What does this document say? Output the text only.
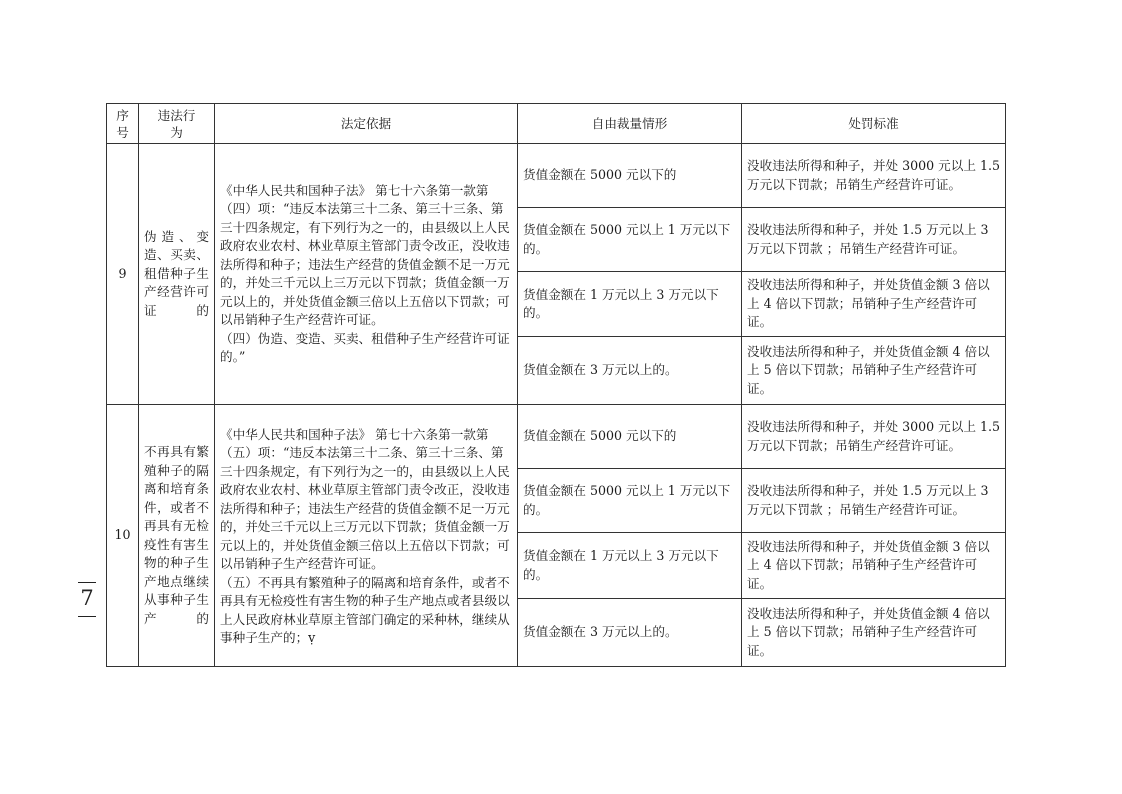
序号	违法行为	法定依据	自由裁量情形	处罚标准
9	伪造、变造、买卖、租借种子生产经营许可证的	《中华人民共和国种子法》 第七十六条第一款第（四）项：“违反本法第三十二条、第三十三条、第三十四条规定，有下列行为之一的，由县级以上人民政府农业农村、林业草原主管部门责令改正，没收违法所得和种子；违法生产经营的货值金额不足一万元的，并处三千元以上三万元以下罚款；货值金额一万元以上的，并处货值金额三倍以上五倍以下罚款；可以吊销种子生产经营许可证。

（四）伪造、变造、买卖、租借种子生产经营许可证的。”	货值金额在 5000 元以下的	没收违法所得和种子，并处 3000 元以上 1.5 万元以下罚款；吊销生产经营许可证。
			货值金额在 5000 元以上 1 万元以下的。	没收违法所得和种子，并处 1.5 万元以上 3 万元以下罚款 ；吊销生产经营许可证。
			货值金额在 1 万元以上 3 万元以下的。	没收违法所得和种子，并处货值金额 3 倍以上 4 倍以下罚款；吊销种子生产经营许可证。
			货值金额在 3 万元以上的。	没收违法所得和种子，并处货值金额 4 倍以上 5 倍以下罚款；吊销种子生产经营许可证。
10	不再具有繁殖种子的隔离和培育条件，或者不再具有无检疫性有害生物的种子生产地点继续从事种子生产的	《中华人民共和国种子法》 第七十六条第一款第（五）项：“违反本法第三十二条、第三十三条、第三十四条规定，有下列行为之一的，由县级以上人民政府农业农村、林业草原主管部门责令改正，没收违法所得和种子；违法生产经营的货值金额不足一万元的，并处三千元以上三万元以下罚款；货值金额一万元以上的，并处货值金额三倍以上五倍以下罚款；可以吊销种子生产经营许可证。

（五）不再具有繁殖种子的隔离和培育条件，或者不再具有无检疫性有害生物的种子生产地点或者县级以上人民政府林业草原主管部门确定的采种林，继续从事种子生产的；ṿ	货值金额在 5000 元以下的	没收违法所得和种子，并处 3000 元以上 1.5 万元以下罚款；吊销生产经营许可证。
			货值金额在 5000 元以上 1 万元以下的。	没收违法所得和种子，并处 1.5 万元以上 3 万元以下罚款 ；吊销生产经营许可证。
			货值金额在 1 万元以上 3 万元以下的。	没收违法所得和种子，并处货值金额 3 倍以上 4 倍以下罚款；吊销种子生产经营许可证。
			货值金额在 3 万元以上的。	没收违法所得和种子，并处货值金额 4 倍以上 5 倍以下罚款；吊销种子生产经营许可证。
7
